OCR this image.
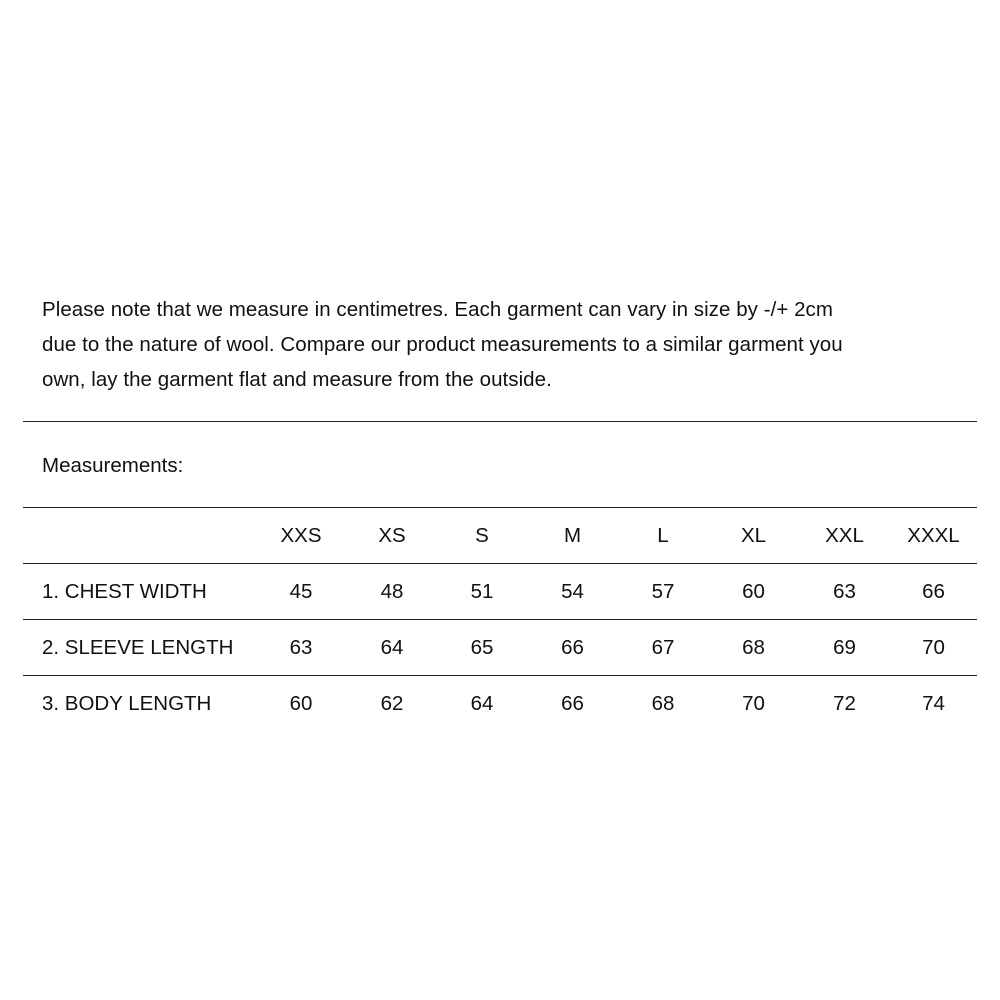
Please note that we measure in centimetres. Each garment can vary in size by -/+ 2cm
due to the nature of wool. Compare our product measurements to a similar garment you
own, lay the garment flat and measure from the outside.

Measurements:

	XXS	XS	S	M	L	XL	XXL	XXXL
1. CHEST WIDTH	45	48	51	54	57	60	63	66
2. SLEEVE LENGTH	63	64	65	66	67	68	69	70
3. BODY LENGTH	60	62	64	66	68	70	72	74
